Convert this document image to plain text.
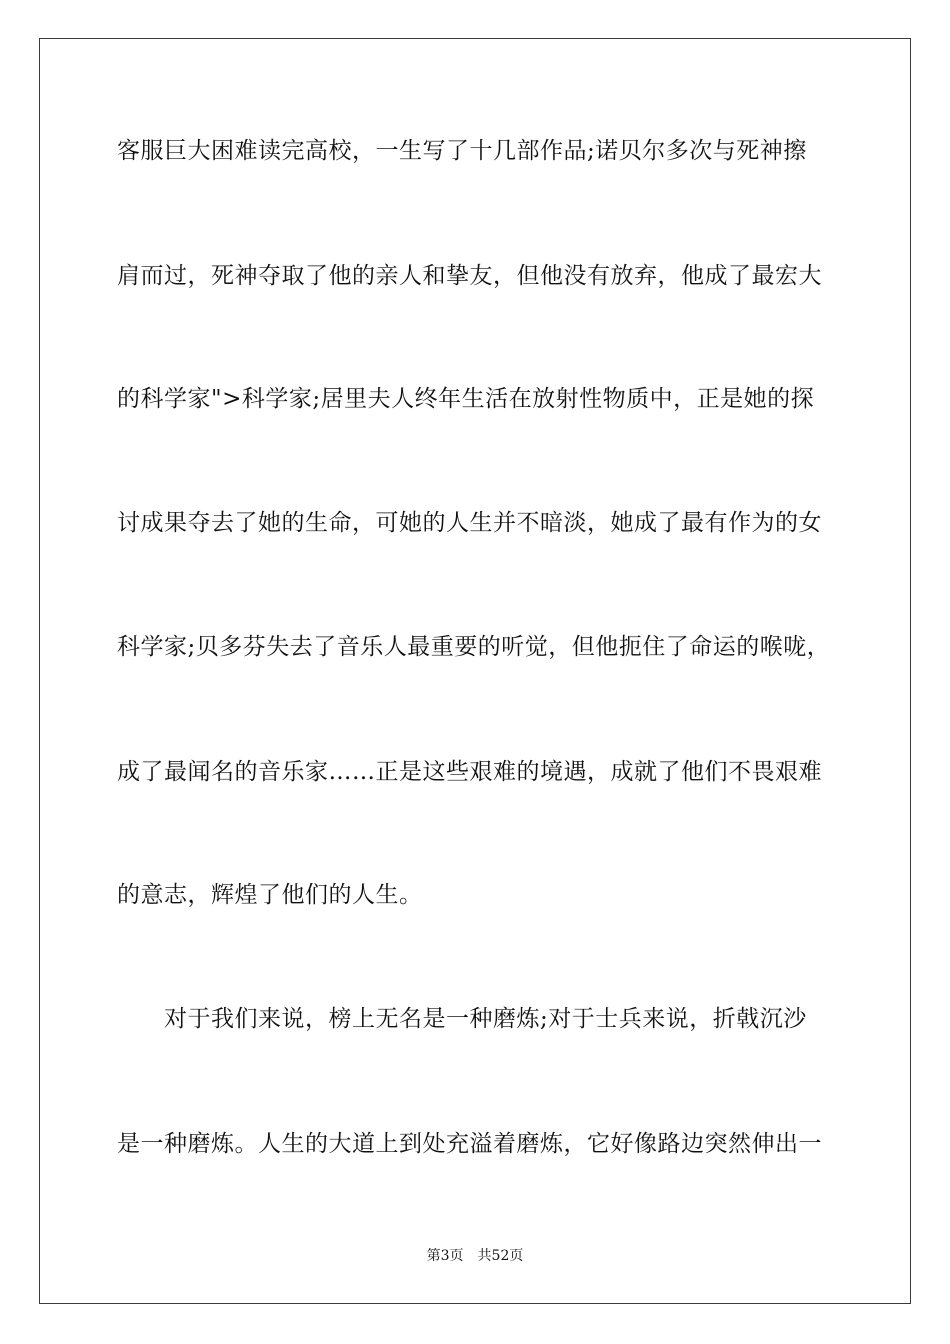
客服巨大困难读完高校，一生写了十几部作品;诺贝尔多次与死神擦
肩而过，死神夺取了他的亲人和挚友，但他没有放弃，他成了最宏大
的科学家">科学家;居里夫人终年生活在放射性物质中，正是她的探
讨成果夺去了她的生命，可她的人生并不暗淡，她成了最有作为的女
科学家;贝多芬失去了音乐人最重要的听觉，但他扼住了命运的喉咙，
成了最闻名的音乐家……正是这些艰难的境遇，成就了他们不畏艰难
的意志，辉煌了他们的人生。
对于我们来说，榜上无名是一种磨炼;对于士兵来说，折戟沉沙
是一种磨炼。人生的大道上到处充溢着磨炼，它好像路边突然伸出一
第3页 共52页
